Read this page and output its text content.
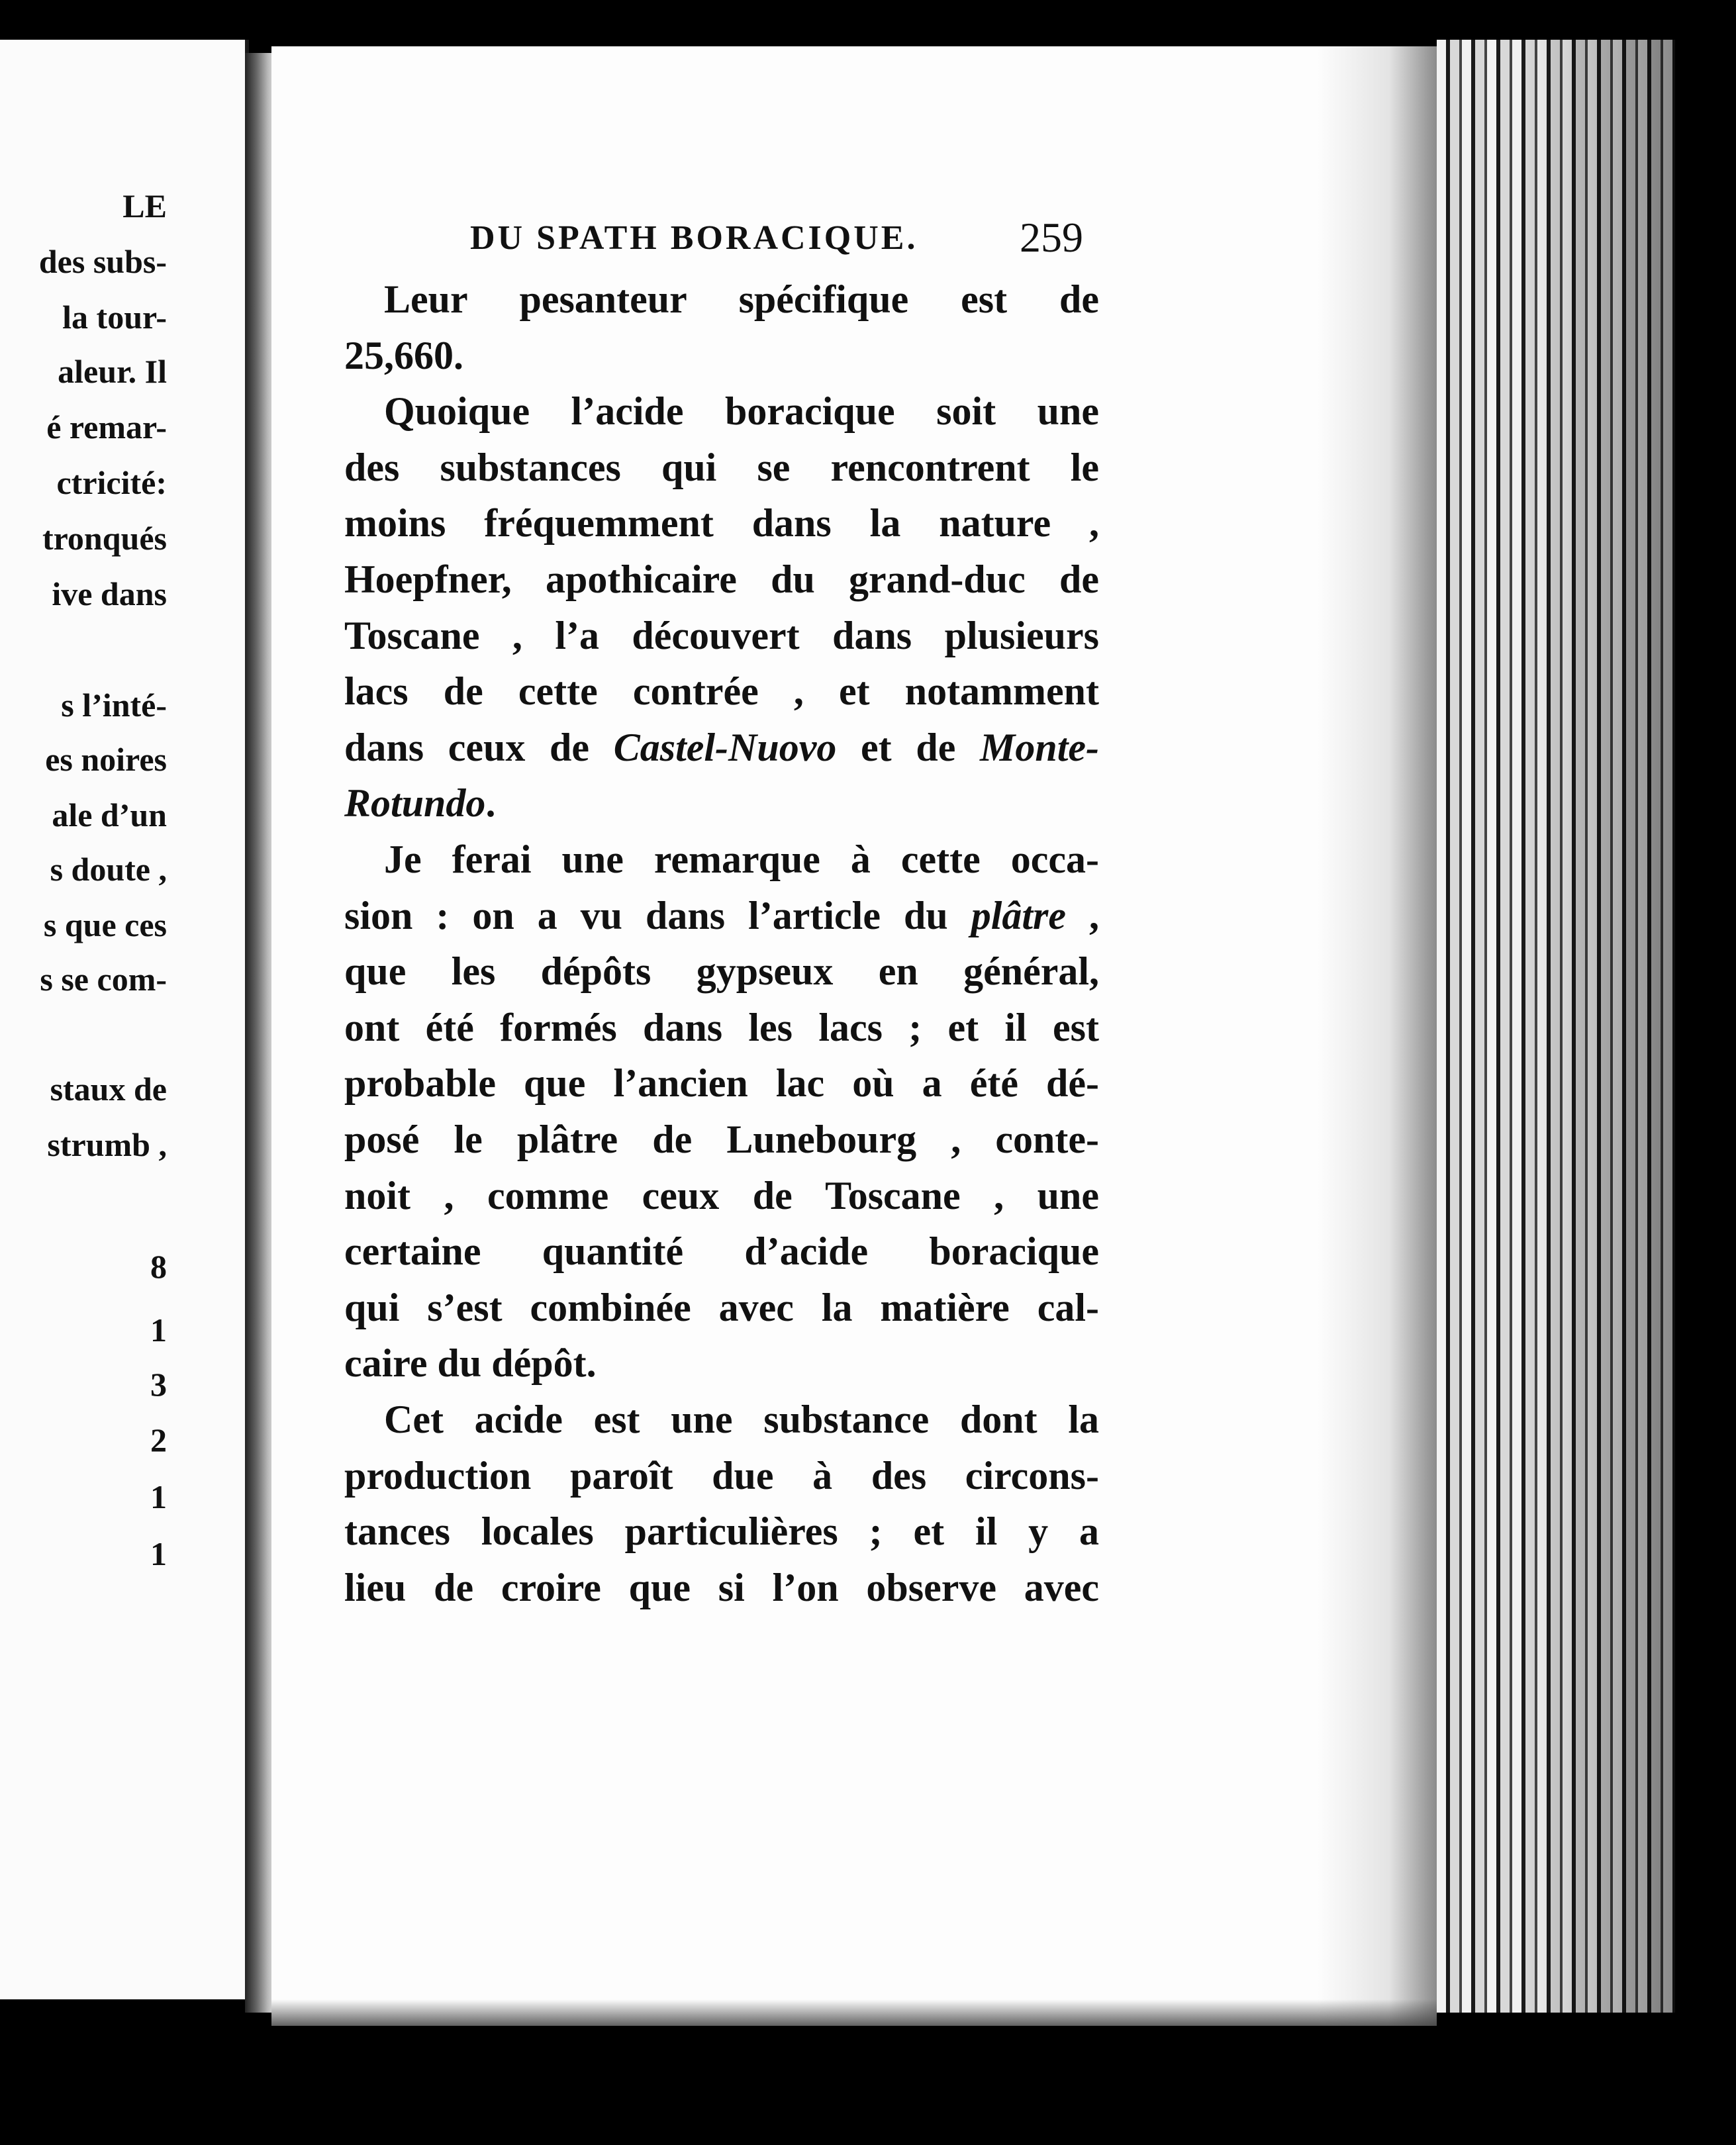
LE
des subs-
la tour-
aleur. Il
é remar-
ctricité:
tronqués
ive dans
s l’inté-
es noires
ale d’un
s doute ,
s que ces
s se com-
staux de
strumb ,
8
1
3
2
1
1
DU SPATH BORACIQUE. 259
Leur pesanteur spécifique est de
25,660.
Quoique l’acide boracique soit une
des substances qui se rencontrent le
moins fréquemment dans la nature ,
Hoepfner, apothicaire du grand-duc de
Toscane , l’a découvert dans plusieurs
lacs de cette contrée , et notamment
dans ceux de Castel-Nuovo et de Monte-
Rotundo.
Je ferai une remarque à cette occa-
sion : on a vu dans l’article du plâtre ,
que les dépôts gypseux en général,
ont été formés dans les lacs ; et il est
probable que l’ancien lac où a été dé-
posé le plâtre de Lunebourg , conte-
noit , comme ceux de Toscane , une
certaine quantité d’acide boracique
qui s’est combinée avec la matière cal-
caire du dépôt.
Cet acide est une substance dont la
production paroît due à des circons-
tances locales particulières ; et il y a
lieu de croire que si l’on observe avec
